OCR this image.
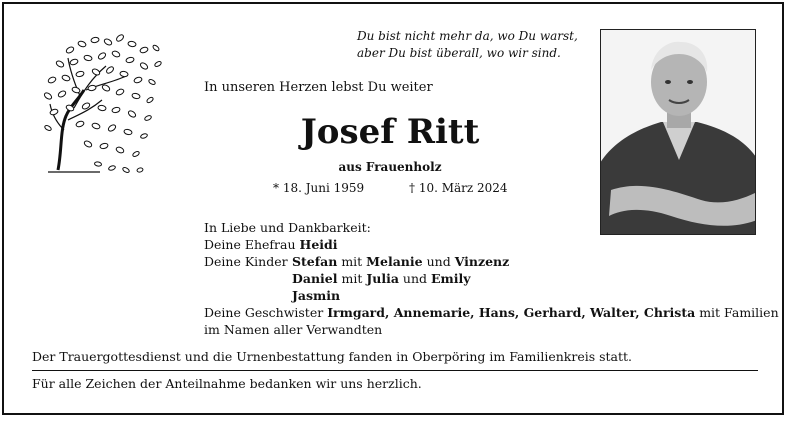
Du bist nicht mehr da, wo Du warst,
aber Du bist überall, wo wir sind.
In unseren Herzen lebst Du weiter
Josef Ritt
aus Frauenholz
* 18. Juni 1959	† 10. März 2024
In Liebe und Dankbarkeit:
Deine Ehefrau Heidi
Deine Kinder Stefan mit Melanie und Vinzenz
Daniel mit Julia und Emily
Jasmin
Deine Geschwister Irmgard, Annemarie, Hans, Gerhard, Walter, Christa mit Familien
im Namen aller Verwandten
Der Trauergottesdienst und die Urnenbestattung fanden in Oberpöring im Familienkreis statt.
Für alle Zeichen der Anteilnahme bedanken wir uns herzlich.
